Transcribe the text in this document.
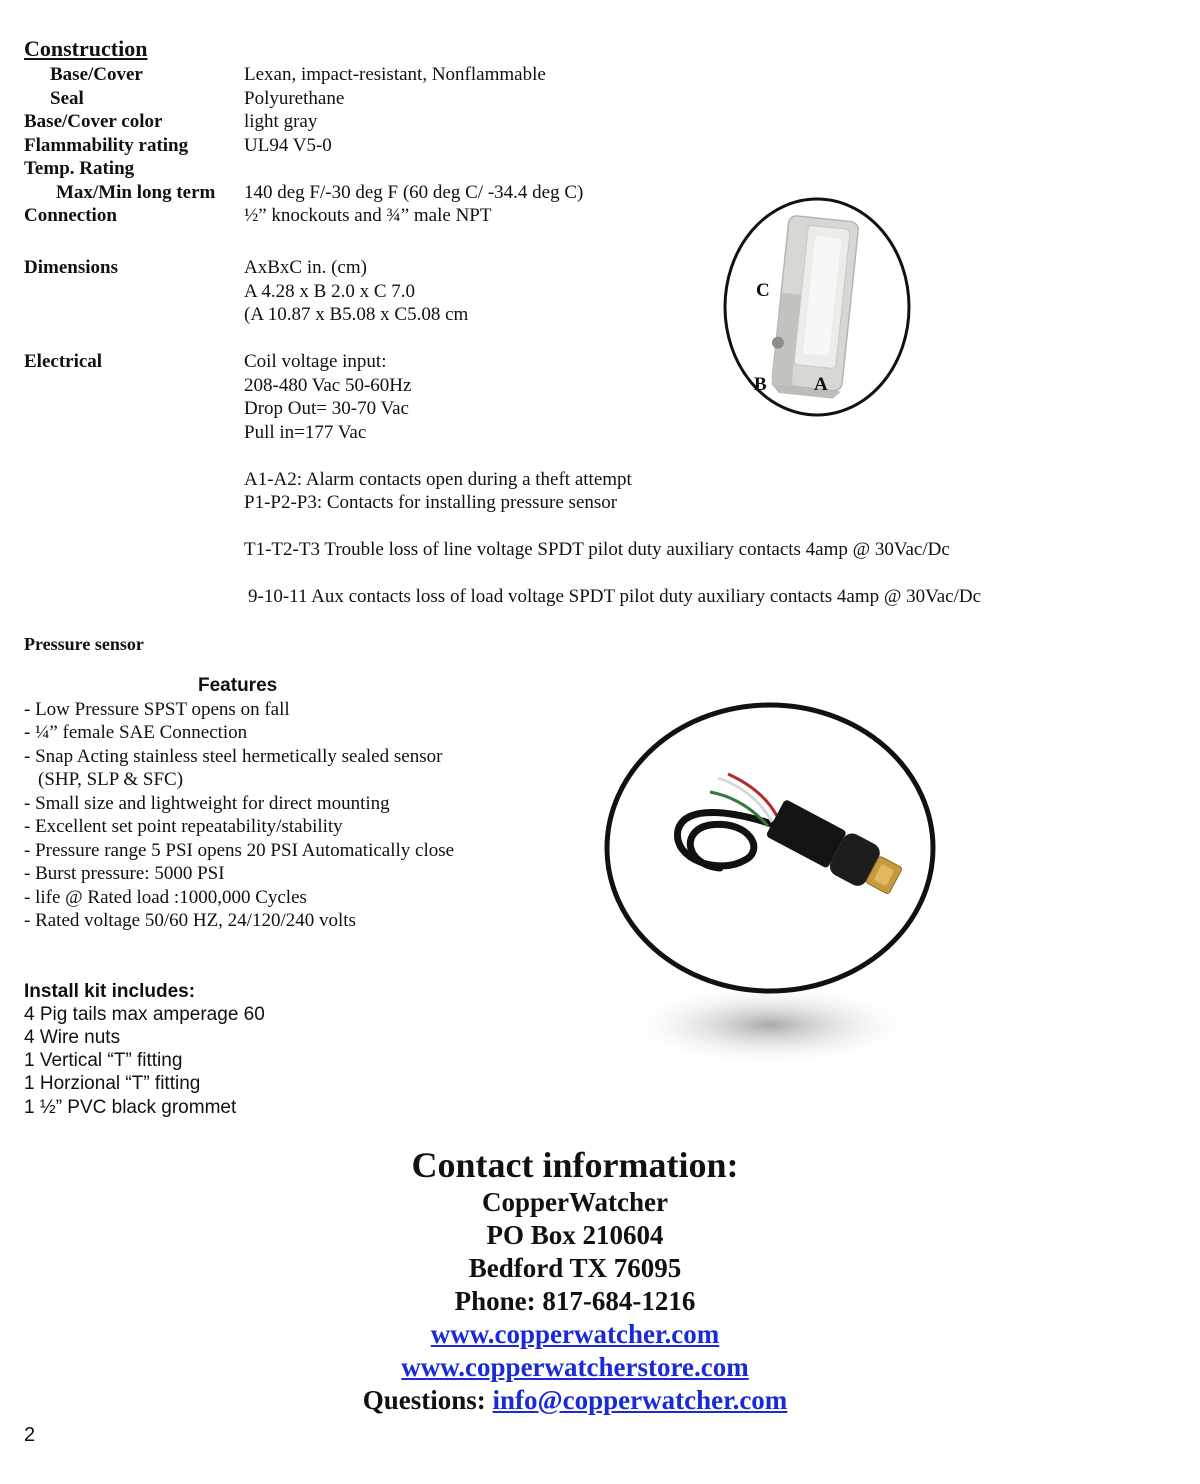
Construction
Base/Cover	Lexan, impact-resistant, Nonflammable
Seal	Polyurethane
Base/Cover color	light gray
Flammability rating	UL94 V5-0
Temp. Rating
Max/Min long term 140 deg F/-30 deg F (60 deg C/ -34.4 deg C)
Connection	½” knockouts and ¾” male NPT
Dimensions	AxBxC in. (cm)
A 4.28 x B 2.0 x C 7.0
(A 10.87 x B5.08 x C5.08 cm
Electrical	Coil voltage input:
208-480 Vac 50-60Hz
Drop Out= 30-70 Vac
Pull in=177 Vac
A1-A2: Alarm contacts open during a theft attempt
P1-P2-P3: Contacts for installing pressure sensor
T1-T2-T3 Trouble loss of line voltage SPDT pilot duty auxiliary contacts 4amp @ 30Vac/Dc
9-10-11 Aux contacts loss of load voltage SPDT pilot duty auxiliary contacts 4amp @ 30Vac/Dc
C
B A
Pressure sensor
Features
- Low Pressure SPST opens on fall
- ¼” female SAE Connection
- Snap Acting stainless steel hermetically sealed sensor
(SHP, SLP & SFC)
- Small size and lightweight for direct mounting
- Excellent set point repeatability/stability
- Pressure range 5 PSI opens 20 PSI Automatically close
- Burst pressure: 5000 PSI
- life @ Rated load :1000,000 Cycles
- Rated voltage 50/60 HZ, 24/120/240 volts
Install kit includes:
4 Pig tails max amperage 60
4 Wire nuts
1 Vertical “T” fitting
1 Horzional “T” fitting
1 ½” PVC black grommet
Contact information:
CopperWatcher
PO Box 210604
Bedford TX 76095
Phone: 817-684-1216
www.copperwatcher.com
www.copperwatcherstore.com
Questions: info@copperwatcher.com
2
